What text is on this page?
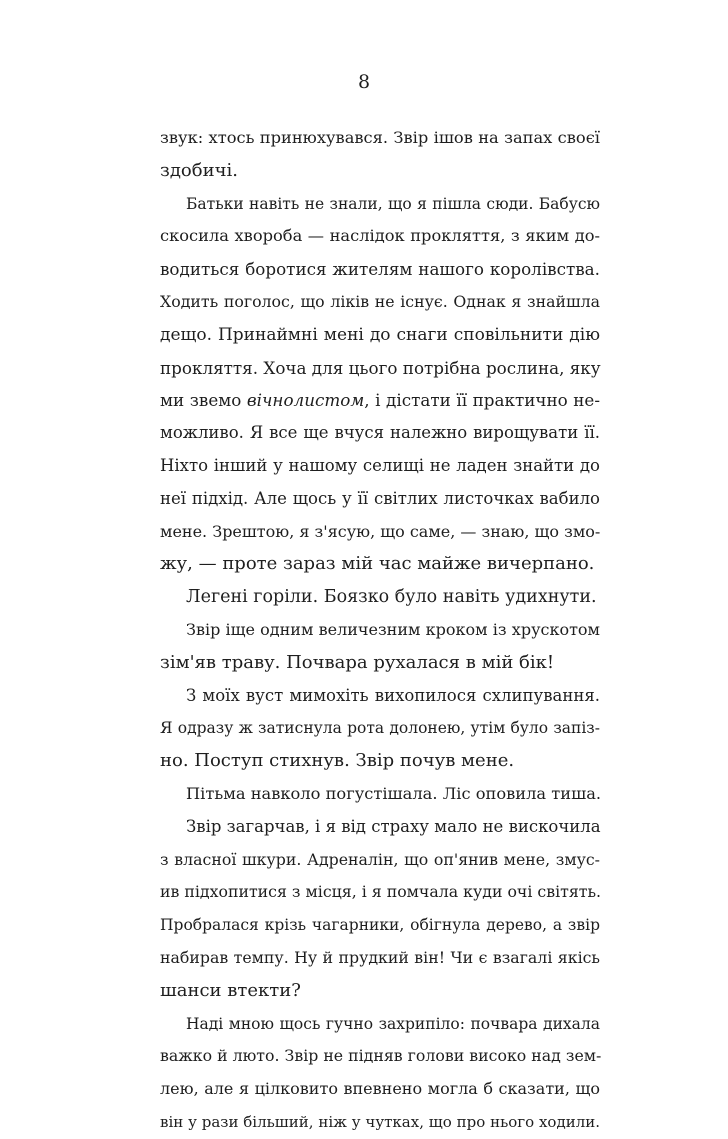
8
звук: хтось принюхувався. Звір ішов на запах своєї
здобичі.
Батьки навіть не знали, що я пішла сюди. Бабусю
скосила хвороба — наслідок прокляття, з яким до-
водиться боротися жителям нашого королівства.
Ходить поголос, що ліків не існує. Однак я знайшла
дещо. Принаймні мені до снаги сповільнити дію
прокляття. Хоча для цього потрібна рослина, яку
ми звемо вічнолистом, і дістати її практично не-
можливо. Я все ще вчуся належно вирощувати її.
Ніхто інший у нашому селищі не ладен знайти до
неї підхід. Але щось у її світлих листочках вабило
мене. Зрештою, я з'ясую, що саме, — знаю, що змо-
жу, — проте зараз мій час майже вичерпано.
Легені горіли. Боязко було навіть удихнути.
Звір іще одним величезним кроком із хрускотом
зім'яв траву. Почвара рухалася в мій бік!
З моїх вуст мимохіть вихопилося схлипування.
Я одразу ж затиснула рота долонею, утім було запіз-
но. Поступ стихнув. Звір почув мене.
Пітьма навколо погустішала. Ліс оповила тиша.
Звір загарчав, і я від страху мало не вискочила
з власної шкури. Адреналін, що оп'янив мене, змус-
ив підхопитися з місця, і я помчала куди очі світять.
Пробралася крізь чагарники, обігнула дерево, а звір
набирав темпу. Ну й прудкий він! Чи є взагалі якісь
шанси втекти?
Наді мною щось гучно захрипіло: почвара дихала
важко й люто. Звір не підняв голови високо над зем-
лею, але я цілковито впевнено могла б сказати, що
він у рази більший, ніж у чутках, що про нього ходили.
